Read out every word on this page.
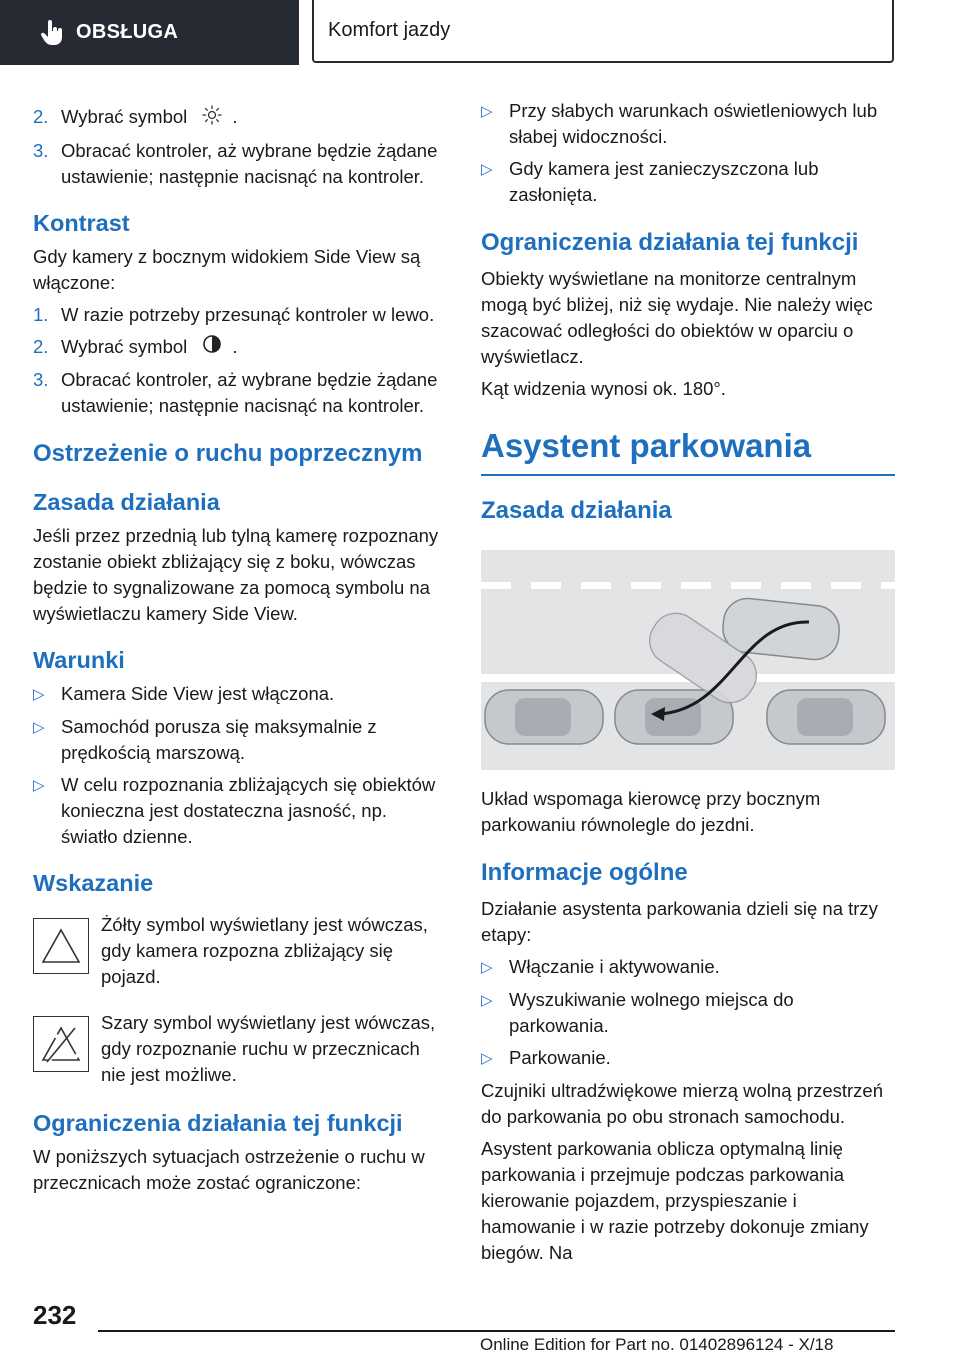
OBSŁUGA	Komfort jazdy
2. Wybrać symbol .
3. Obracać kontroler, aż wybrane będzie żądane ustawienie; następnie nacisnąć na kontroler.
Kontrast

Gdy kamery z bocznym widokiem Side View są włączone:

1. W razie potrzeby przesunąć kontroler w lewo.
2. Wybrać symbol .
3. Obracać kontroler, aż wybrane będzie żądane ustawienie; następnie nacisnąć na kontroler.
Ostrzeżenie o ruchu poprzecznym
Zasada działania

Jeśli przez przednią lub tylną kamerę rozpoznany zostanie obiekt zbliżający się z boku, wówczas będzie to sygnalizowane za pomocą symbolu na wyświetlaczu kamery Side View.

Warunki
▷ Kamera Side View jest włączona.
▷ Samochód porusza się maksymalnie z prędkością marszową.
▷ W celu rozpoznania zbliżających się obiektów konieczna jest dostateczna jasność, np. światło dzienne.
Wskazanie
Żółty symbol wyświetlany jest wówczas, gdy kamera rozpozna zbliżający się pojazd.
Szary symbol wyświetlany jest wówczas, gdy rozpoznanie ruchu w przecznicach nie jest możliwe.
Ograniczenia działania tej funkcji

W poniższych sytuacjach ostrzeżenie o ruchu w przecznicach może zostać ograniczone:

▷ Przy słabych warunkach oświetleniowych lub słabej widoczności.
▷ Gdy kamera jest zanieczyszczona lub zasłonięta.
Ograniczenia działania tej funkcji

Obiekty wyświetlane na monitorze centralnym mogą być bliżej, niż się wydaje. Nie należy więc szacować odległości do obiektów w oparciu o wyświetlacz.

Kąt widzenia wynosi ok. 180°.

Asystent parkowania
Zasada działania

Układ wspomaga kierowcę przy bocznym parkowaniu równolegle do jezdni.

Informacje ogólne

Działanie asystenta parkowania dzieli się na trzy etapy:

▷ Włączanie i aktywowanie.
▷ Wyszukiwanie wolnego miejsca do parkowania.
▷ Parkowanie.

Czujniki ultradźwiękowe mierzą wolną przestrzeń do parkowania po obu stronach samochodu.

Asystent parkowania oblicza optymalną linię parkowania i przejmuje podczas parkowania kierowanie pojazdem, przyspieszanie i hamowanie i w razie potrzeby dokonuje zmiany biegów. Na

232
Online Edition for Part no. 01402896124 - X/18
